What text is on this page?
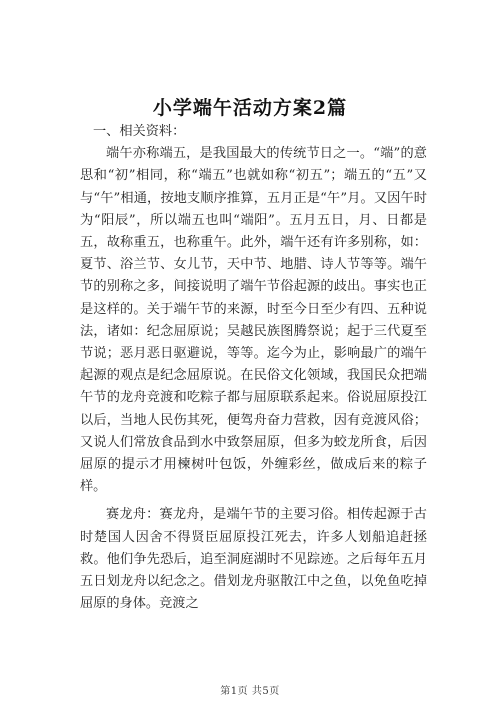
小学端午活动方案2篇

一、相关资料：

端午亦称端五，是我国最大的传统节日之一。“端”的意思和“初”相同，称“端五”也就如称“初五”；端五的“五”又与“午”相通，按地支顺序推算，五月正是“午”月。又因午时为“阳辰”，所以端五也叫“端阳”。五月五日，月、日都是五，故称重五，也称重午。此外，端午还有许多别称，如：夏节、浴兰节、女儿节，天中节、地腊、诗人节等等。端午节的别称之多，间接说明了端午节俗起源的歧出。事实也正是这样的。关于端午节的来源，时至今日至少有四、五种说法，诸如：纪念屈原说；吴越民族图腾祭说；起于三代夏至节说；恶月恶日驱避说，等等。迄今为止，影响最广的端午起源的观点是纪念屈原说。在民俗文化领域，我国民众把端午节的龙舟竞渡和吃粽子都与屈原联系起来。俗说屈原投江以后，当地人民伤其死，便驾舟奋力营救，因有竞渡风俗；又说人们常放食品到水中致祭屈原，但多为蛟龙所食，后因屈原的提示才用楝树叶包饭，外缠彩丝，做成后来的粽子样。

赛龙舟：赛龙舟，是端午节的主要习俗。相传起源于古时楚国人因舍不得贤臣屈原投江死去，许多人划船追赶拯救。他们争先恐后，追至洞庭湖时不见踪迹。之后每年五月五日划龙舟以纪念之。借划龙舟驱散江中之鱼，以免鱼吃掉屈原的身体。竞渡之

第1页 共5页
